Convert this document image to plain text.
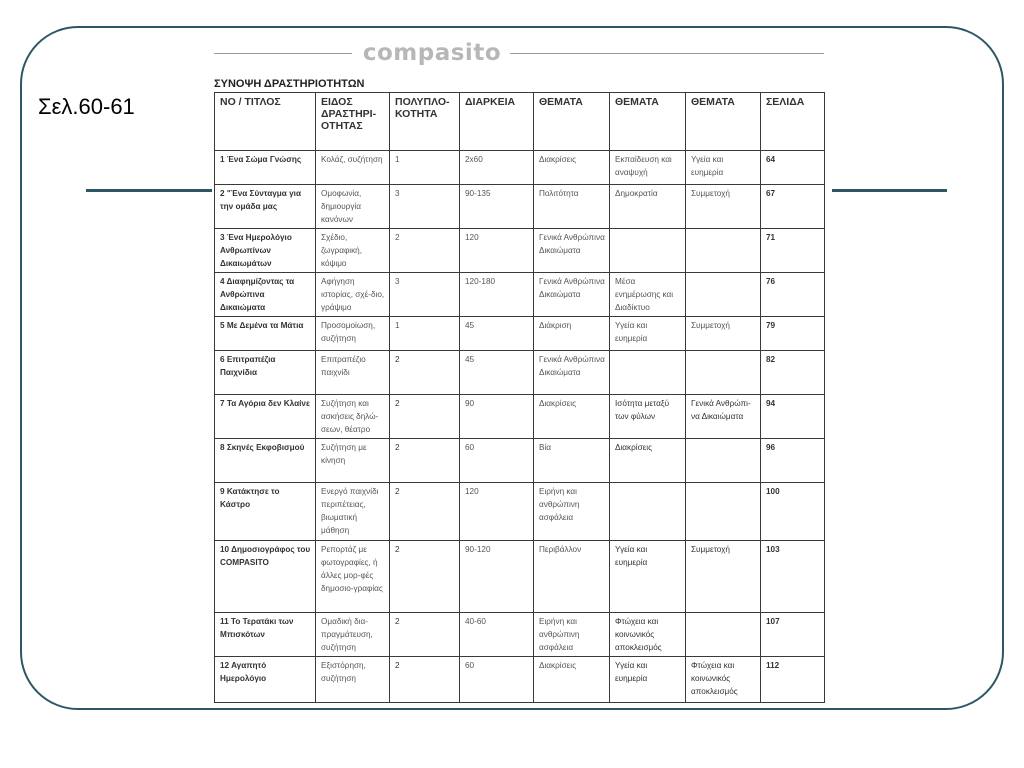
Σελ.60-61
compasito
ΣΥΝΟΨΗ ΔΡΑΣΤΗΡΙΟΤΗΤΩΝ
ΝΟ / ΤΙΤΛΟΣ	ΕΙΔΟΣ ΔΡΑΣΤΗΡΙ-ΟΤΗΤΑΣ	ΠΟΛΥΠΛΟ-ΚΟΤΗΤΑ	ΔΙΑΡΚΕΙΑ	ΘΕΜΑΤΑ	ΘΕΜΑΤΑ	ΘΕΜΑΤΑ	ΣΕΛΙΔΑ
1 Ένα Σώμα Γνώσης	Κολάζ, συζήτηση	1	2x60	Διακρίσεις	Εκπαίδευση και αναψυχή	Υγεία και ευημερία	64
2 "Ένα Σύνταγμα για την ομάδα μας	Ομοφωνία, δημιουργία κανόνων	3	90-135	Πολιτότητα	Δημοκρατία	Συμμετοχή	67
3 Ένα Ημερολόγιο Ανθρωπίνων Δικαιωμάτων	Σχέδιο, ζωγραφική, κόψιμο	2	120	Γενικά Ανθρώπινα Δικαιώματα			71
4 Διαφημίζοντας τα Ανθρώπινα Δικαιώματα	Αφήγηση ιστορίας, σχέ-διο, γράψιμο	3	120-180	Γενικά Ανθρώπινα Δικαιώματα	Μέσα ενημέρωσης και Διαδίκτυο		76
5 Με Δεμένα τα Μάτια	Προσομοίωση, συζήτηση	1	45	Διάκριση	Υγεία και ευημερία	Συμμετοχή	79
6 Επιτραπέζια Παιχνίδια	Επιτραπέζιο παιχνίδι	2	45	Γενικά Ανθρώπινα Δικαιώματα			82
7 Τα Αγόρια δεν Κλαίνε	Συζήτηση και ασκήσεις δηλώ-σεων, θέατρο	2	90	Διακρίσεις	Ισότητα μεταξύ των φύλων	Γενικά Ανθρώπι-να Δικαιώματα	94
8 Σκηνές Εκφοβισμού	Συζήτηση με κίνηση	2	60	Βία	Διακρίσεις		96
9 Κατάκτησε το Κάστρο	Ενεργό παιχνίδι περιπέτειας, βιωματική μάθηση	2	120	Ειρήνη και ανθρώπινη ασφάλεια			100
10 Δημοσιογράφος του COMPASITO	Ρεπορτάζ με φωτογραφίες, ή άλλες μορ-φές δημοσιο-γραφίας	2	90-120	Περιβάλλον	Υγεία και ευημερία	Συμμετοχή	103
11 Το Τερατάκι των Μπισκότων	Ομαδική δια-πραγμάτευση, συζήτηση	2	40-60	Ειρήνη και ανθρώπινη ασφάλεια	Φτώχεια και κοινωνικός αποκλεισμός		107
12 Αγαπητό Ημερολόγιο	Εξιστόρηση, συζήτηση	2	60	Διακρίσεις	Υγεία και ευημερία	Φτώχεια και κοινωνικός αποκλεισμός	112
